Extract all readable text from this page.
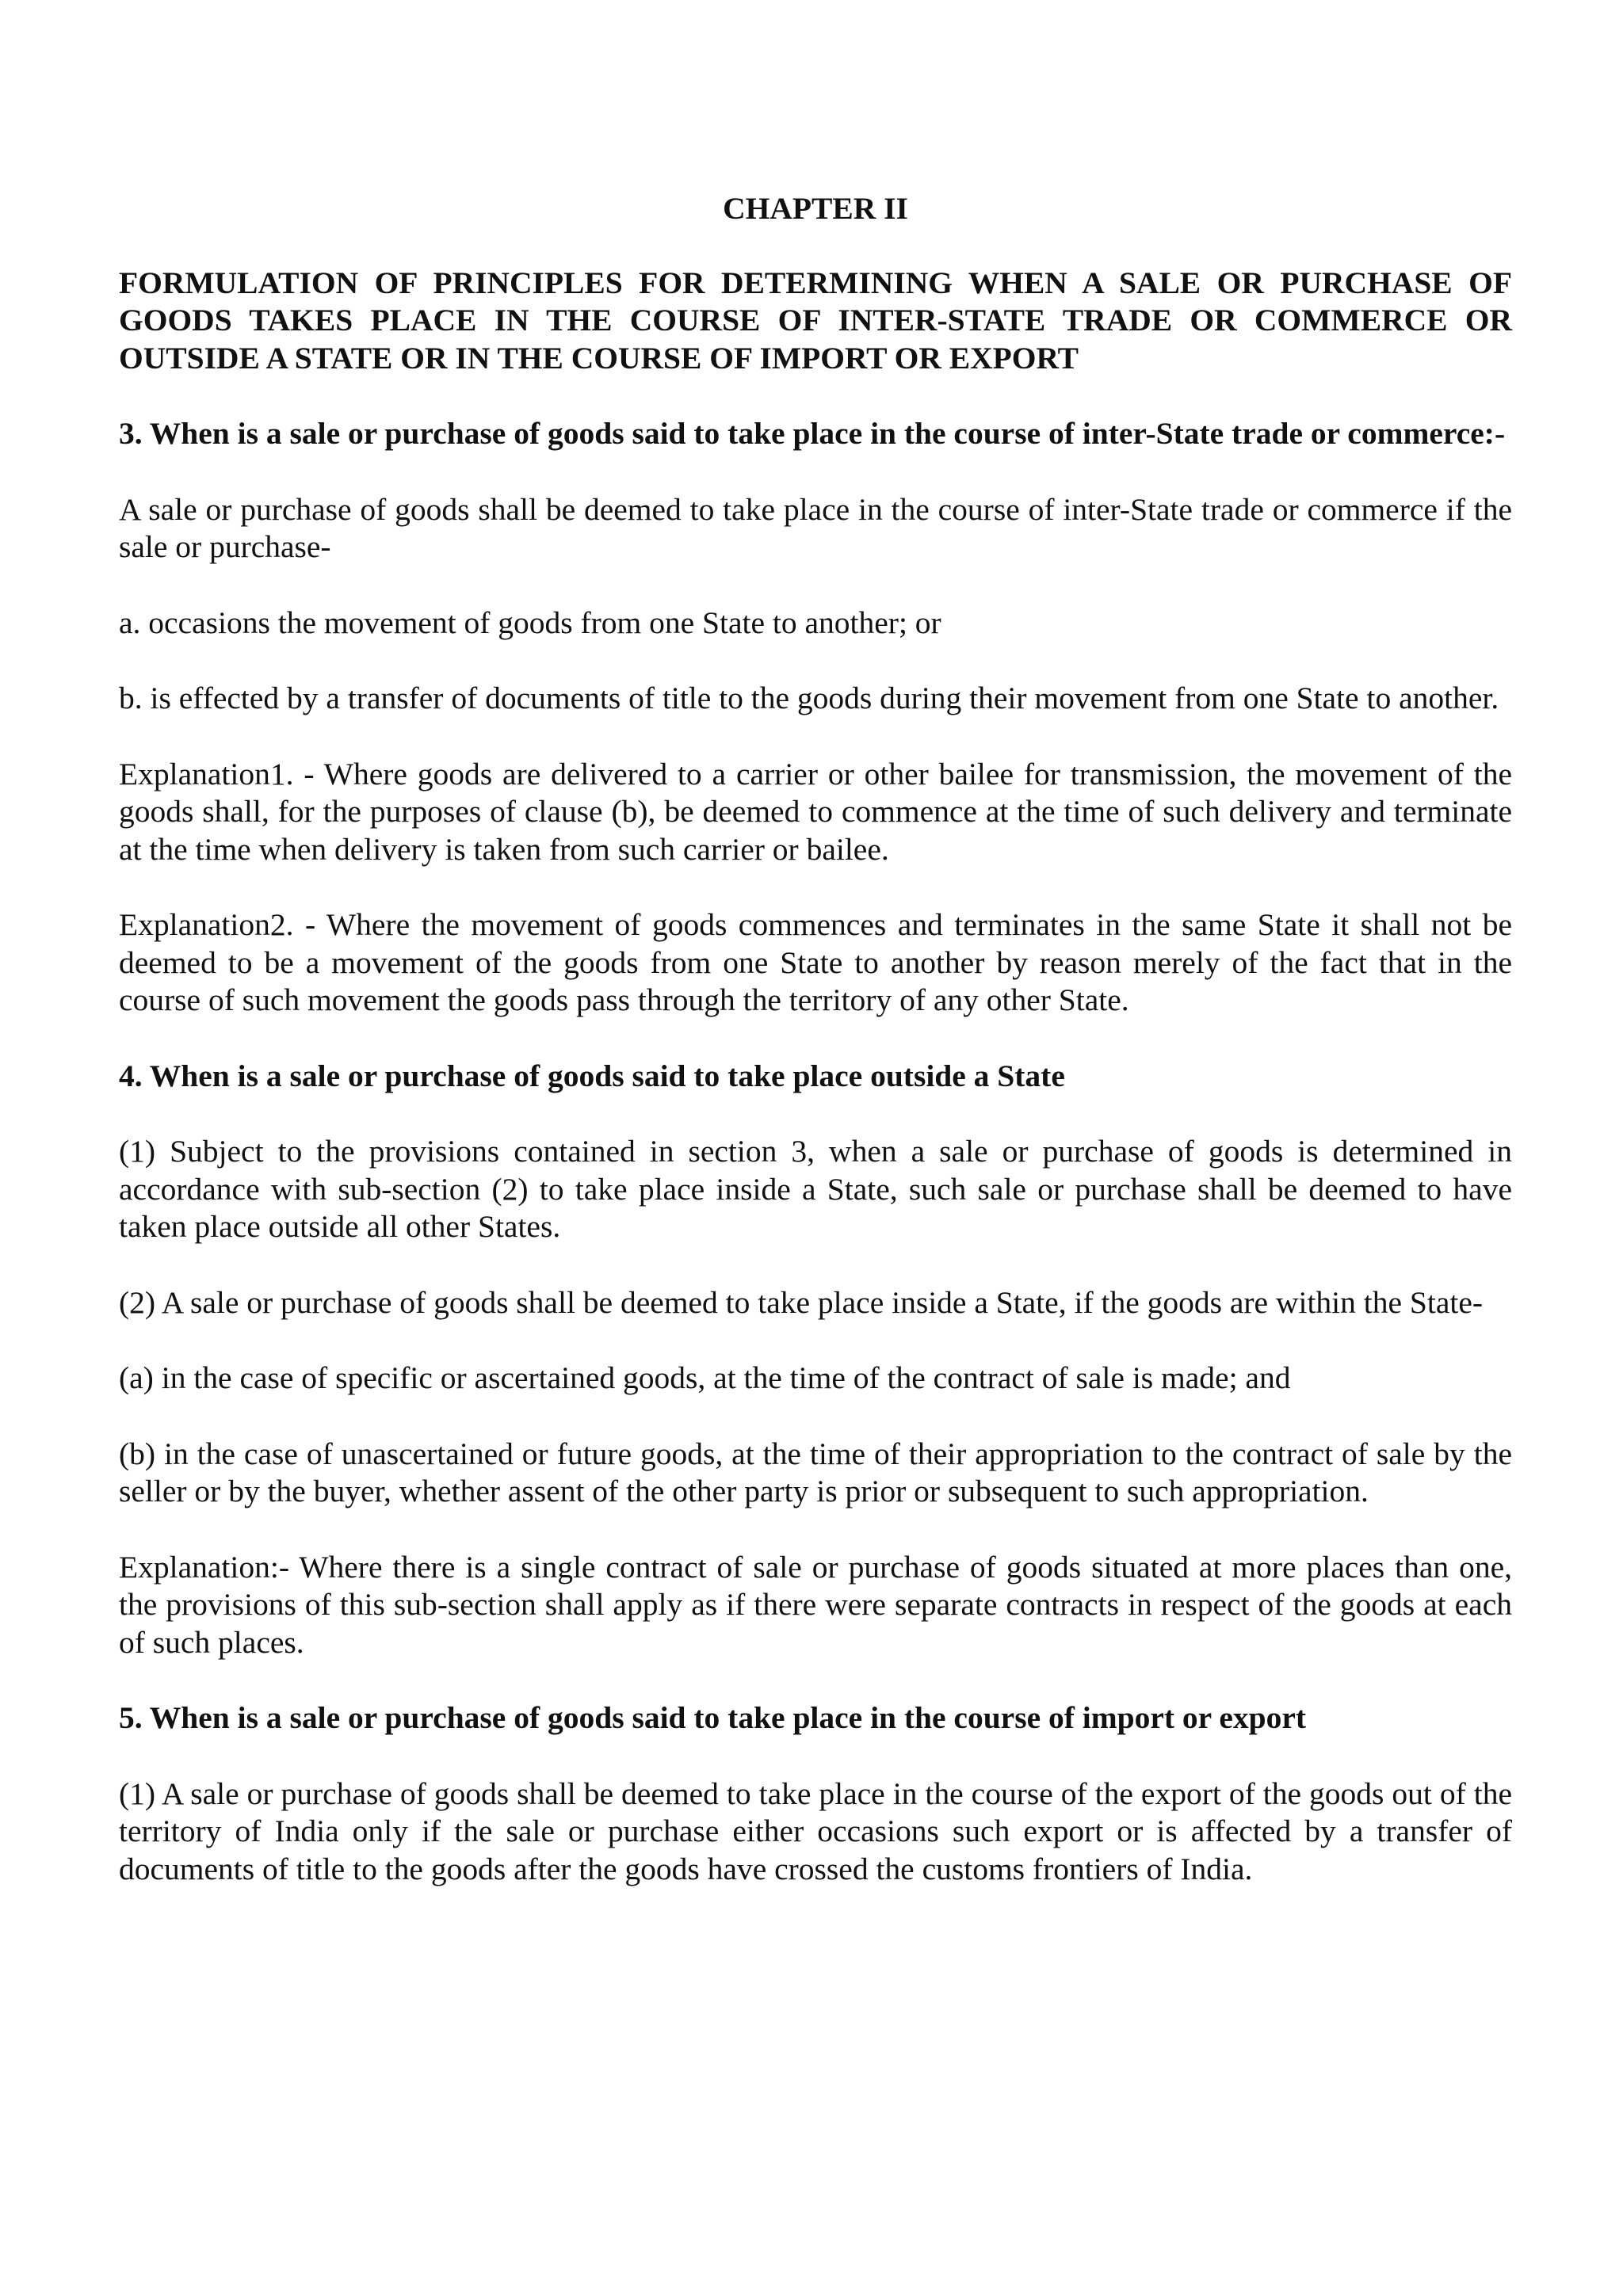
CHAPTER II
FORMULATION OF PRINCIPLES FOR DETERMINING WHEN A SALE OR PURCHASE OF GOODS TAKES PLACE IN THE COURSE OF INTER-STATE TRADE OR COMMERCE OR OUTSIDE A STATE OR IN THE COURSE OF IMPORT OR EXPORT
3. When is a sale or purchase of goods said to take place in the course of inter-State trade or commerce:-

A sale or purchase of goods shall be deemed to take place in the course of inter-State trade or commerce if the sale or purchase-

a. occasions the movement of goods from one State to another; or

b. is effected by a transfer of documents of title to the goods during their movement from one State to another.

Explanation1. - Where goods are delivered to a carrier or other bailee for transmission, the movement of the goods shall, for the purposes of clause (b), be deemed to commence at the time of such delivery and terminate at the time when delivery is taken from such carrier or bailee.

Explanation2. - Where the movement of goods commences and terminates in the same State it shall not be deemed to be a movement of the goods from one State to another by reason merely of the fact that in the course of such movement the goods pass through the territory of any other State.

4. When is a sale or purchase of goods said to take place outside a State

(1) Subject to the provisions contained in section 3, when a sale or purchase of goods is determined in accordance with sub-section (2) to take place inside a State, such sale or purchase shall be deemed to have taken place outside all other States.

(2) A sale or purchase of goods shall be deemed to take place inside a State, if the goods are within the State-

(a) in the case of specific or ascertained goods, at the time of the contract of sale is made; and

(b) in the case of unascertained or future goods, at the time of their appropriation to the contract of sale by the seller or by the buyer, whether assent of the other party is prior or subsequent to such appropriation.

Explanation:- Where there is a single contract of sale or purchase of goods situated at more places than one, the provisions of this sub-section shall apply as if there were separate contracts in respect of the goods at each of such places.

5. When is a sale or purchase of goods said to take place in the course of import or export

(1) A sale or purchase of goods shall be deemed to take place in the course of the export of the goods out of the territory of India only if the sale or purchase either occasions such export or is affected by a transfer of documents of title to the goods after the goods have crossed the customs frontiers of India.
